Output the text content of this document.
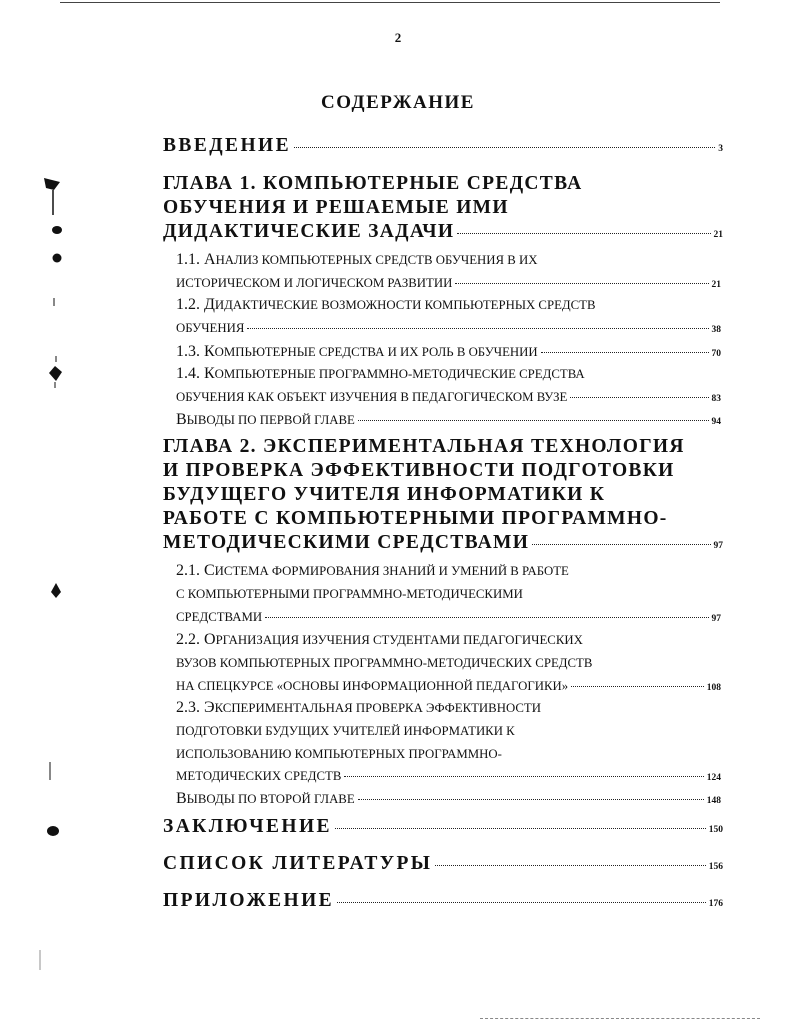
2
СОДЕРЖАНИЕ
ВВЕДЕНИЕ	3
ГЛАВА 1. КОМПЬЮТЕРНЫЕ СРЕДСТВА
ОБУЧЕНИЯ И РЕШАЕМЫЕ ИМИ
ДИДАКТИЧЕСКИЕ ЗАДАЧИ	21
1.1. АНАЛИЗ КОМПЬЮТЕРНЫХ СРЕДСТВ ОБУЧЕНИЯ В ИХ
ИСТОРИЧЕСКОМ И ЛОГИЧЕСКОМ РАЗВИТИИ	21
1.2. ДИДАКТИЧЕСКИЕ ВОЗМОЖНОСТИ КОМПЬЮТЕРНЫХ СРЕДСТВ
ОБУЧЕНИЯ	38
1.3.
К ОМПЬЮТЕРНЫЕ СРЕДСТВА И ИХ РОЛЬ В ОБУЧЕНИИ	70
1.4. КОМПЬЮТЕРНЫЕ ПРОГРАММНО-МЕТОДИЧЕСКИЕ СРЕДСТВА
ОБУЧЕНИЯ КАК ОБЪЕКТ ИЗУЧЕНИЯ В ПЕДАГОГИЧЕСКОМ ВУЗЕ	83
В ЫВОДЫ ПО ПЕРВОЙ ГЛАВЕ	94
ГЛАВА 2. ЭКСПЕРИМЕНТАЛЬНАЯ ТЕХНОЛОГИЯ
И ПРОВЕРКА ЭФФЕКТИВНОСТИ ПОДГОТОВКИ
БУДУЩЕГО УЧИТЕЛЯ ИНФОРМАТИКИ К
РАБОТЕ С КОМПЬЮТЕРНЫМИ ПРОГРАММНО-
МЕТОДИЧЕСКИМИ СРЕДСТВАМИ	97
2.1. СИСТЕМА ФОРМИРОВАНИЯ ЗНАНИЙ И УМЕНИЙ В РАБОТЕ
С КОМПЬЮТЕРНЫМИ ПРОГРАММНО-МЕТОДИЧЕСКИМИ
СРЕДСТВАМИ	97
2.2. ОРГАНИЗАЦИЯ ИЗУЧЕНИЯ СТУДЕНТАМИ ПЕДАГОГИЧЕСКИХ
ВУЗОВ КОМПЬЮТЕРНЫХ ПРОГРАММНО-МЕТОДИЧЕСКИХ СРЕДСТВ
НА СПЕЦКУРСЕ «ОСНОВЫ ИНФОРМАЦИОННОЙ ПЕДАГОГИКИ»	108
2.3. ЭКСПЕРИМЕНТАЛЬНАЯ ПРОВЕРКА ЭФФЕКТИВНОСТИ
ПОДГОТОВКИ БУДУЩИХ УЧИТЕЛЕЙ ИНФОРМАТИКИ К
ИСПОЛЬЗОВАНИЮ КОМПЬЮТЕРНЫХ ПРОГРАММНО-
МЕТОДИЧЕСКИХ СРЕДСТВ	124
В ЫВОДЫ ПО ВТОРОЙ ГЛАВЕ	148
ЗАКЛЮЧЕНИЕ	150
СПИСОК ЛИТЕРАТУРЫ	156
ПРИЛОЖЕНИЕ	176
